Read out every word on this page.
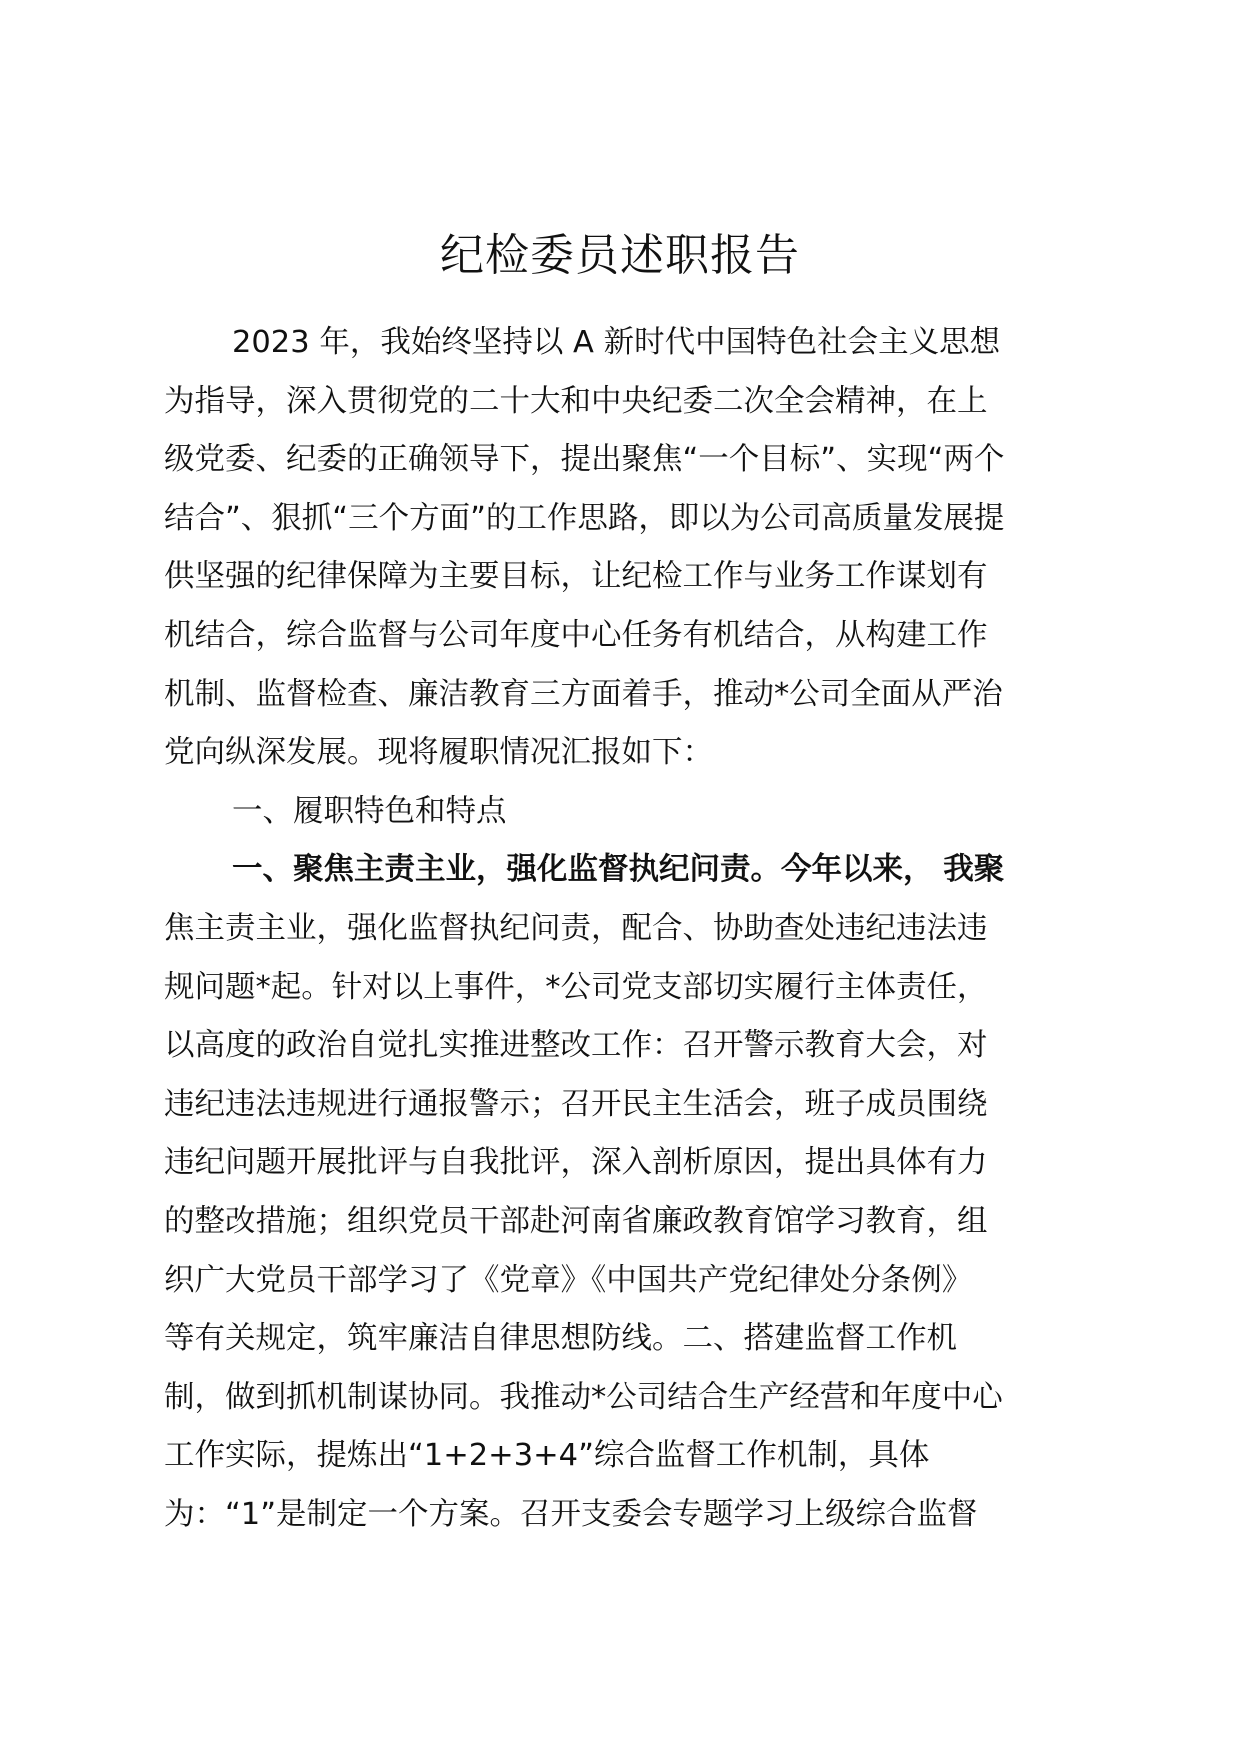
纪检委员述职报告
2023 年，我始终坚持以 A 新时代中国特色社会主义思想
为指导，深入贯彻党的二十大和中央纪委二次全会精神，在上
级党委、纪委的正确领导下，提出聚焦“一个目标”、实现“两个
结合”、狠抓“三个方面”的工作思路，即以为公司高质量发展提
供坚强的纪律保障为主要目标，让纪检工作与业务工作谋划有
机结合，综合监督与公司年度中心任务有机结合，从构建工作
机制、监督检查、廉洁教育三方面着手，推动*公司全面从严治
党向纵深发展。现将履职情况汇报如下：
一、履职特色和特点
一、聚焦主责主业，强化监督执纪问责。今年以来， 我聚
焦主责主业，强化监督执纪问责，配合、协助查处违纪违法违
规问题*起。针对以上事件，*公司党支部切实履行主体责任，
以高度的政治自觉扎实推进整改工作：召开警示教育大会，对
违纪违法违规进行通报警示；召开民主生活会，班子成员围绕
违纪问题开展批评与自我批评，深入剖析原因，提出具体有力
的整改措施；组织党员干部赴河南省廉政教育馆学习教育，组
织广大党员干部学习了《党章》《中国共产党纪律处分条例》
等有关规定，筑牢廉洁自律思想防线。二、搭建监督工作机
制，做到抓机制谋协同。我推动*公司结合生产经营和年度中心
工作实际，提炼出“1+2+3+4”综合监督工作机制，具体
为：“1”是制定一个方案。召开支委会专题学习上级综合监督
